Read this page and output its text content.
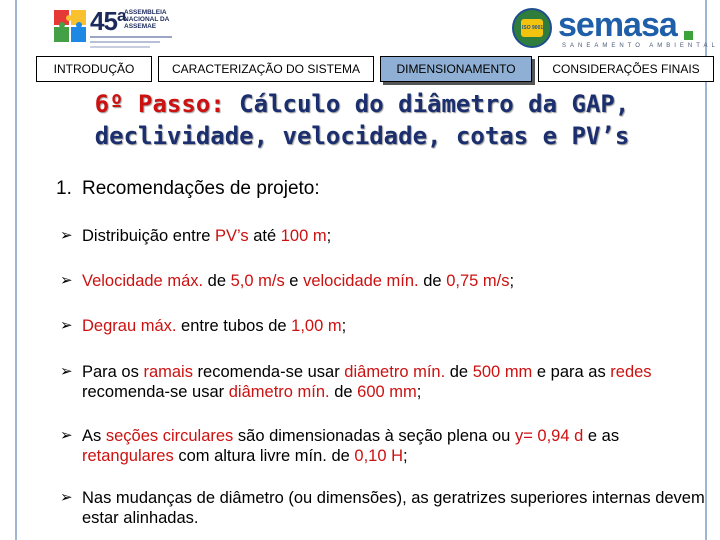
45ª
ASSEMBLEIA NACIONAL DA ASSEMAE	ISO 9001 semasa
SANEAMENTO AMBIENTAL
INTRODUÇÃO	CARACTERIZAÇÃO DO SISTEMA	DIMENSIONAMENTO	CONSIDERAÇÕES FINAIS
6º Passo: Cálculo do diâmetro da GAP,
declividade, velocidade, cotas e PV’s
1. Recomendações de projeto:
➢ Distribuição entre PV’s até 100 m;
➢ Velocidade máx. de 5,0 m/s e velocidade mín. de 0,75 m/s;
➢ Degrau máx. entre tubos de 1,00 m;
➢ Para os ramais recomenda-se usar diâmetro mín. de 500 mm e para as redes recomenda-se usar diâmetro mín. de 600 mm;
➢ As seções circulares são dimensionadas à seção plena ou y= 0,94 d e as retangulares com altura livre mín. de 0,10 H;
➢ Nas mudanças de diâmetro (ou dimensões), as geratrizes superiores internas devem estar alinhadas.
